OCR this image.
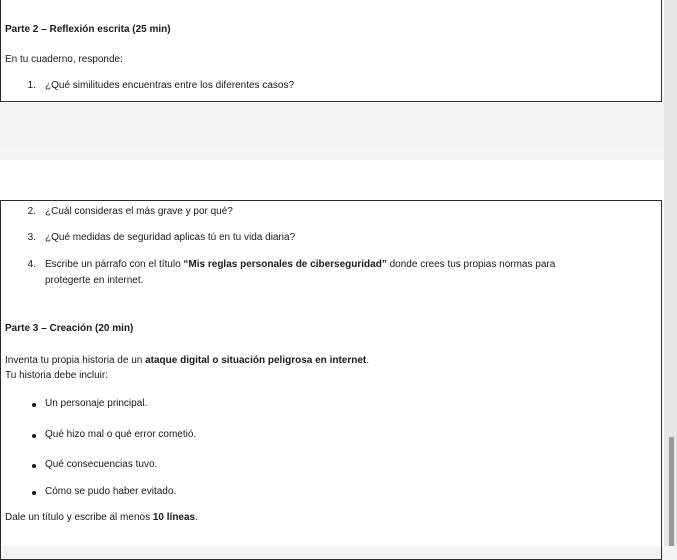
Parte 2 – Reflexión escrita (25 min)
En tu cuaderno, responde:
1. ¿Qué similitudes encuentras entre los diferentes casos?
2. ¿Cuál consideras el más grave y por qué?
3. ¿Qué medidas de seguridad aplicas tú en tu vida diaria?
4. Escribe un párrafo con el título “Mis reglas personales de ciberseguridad” donde crees tus propias normas para
protegerte en internet.
Parte 3 – Creación (20 min)
Inventa tu propia historia de un ataque digital o situación peligrosa en internet.
Tu historia debe incluir:
Un personaje principal.
Qué hizo mal o qué error cometió.
Qué consecuencias tuvo.
Cómo se pudo haber evitado.
Dale un título y escribe al menos 10 líneas.
